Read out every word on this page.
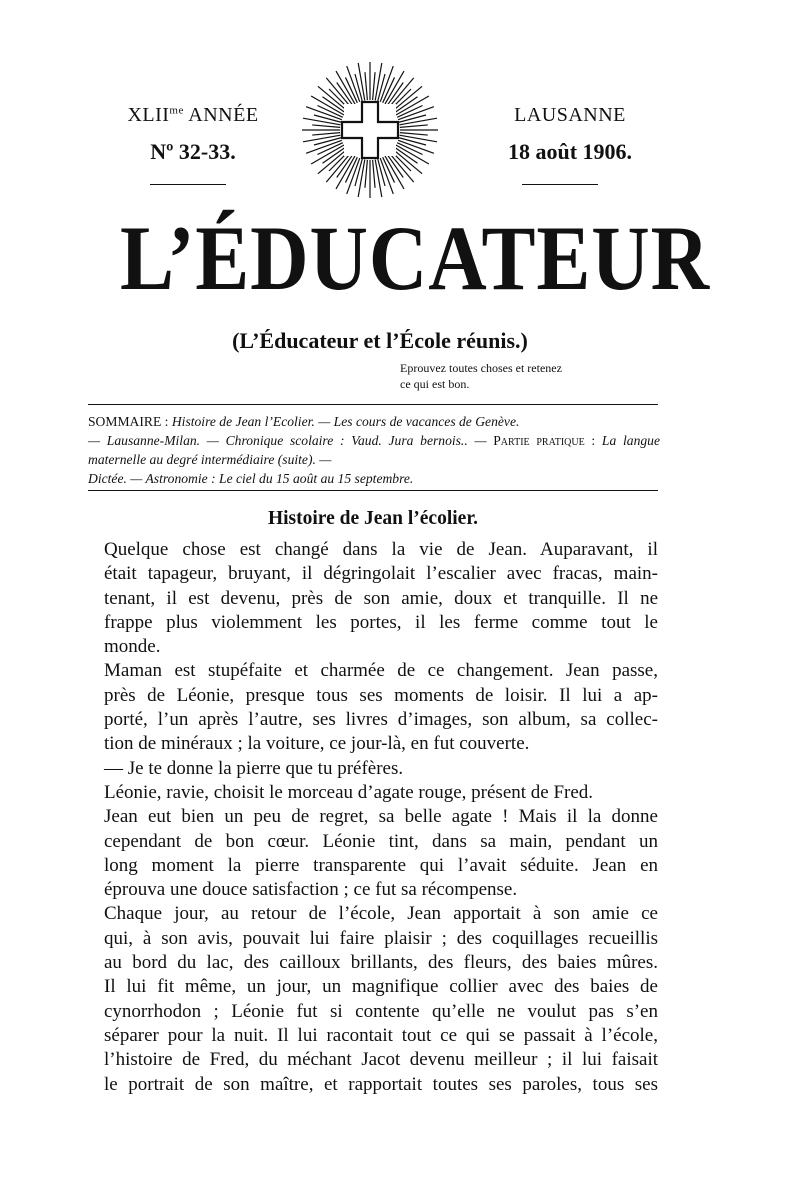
$XLII^{me}$ ANNÉE
Nº 32-33.
LAUSANNE
18 août 1906.
L’ÉDUCATEUR
(L’Éducateur et l’École réunis.)
Eprouvez toutes choses et retenez
ce qui est bon.
SOMMAIRE : Histoire de Jean l’Ecolier. — Les cours de vacances de Genève.
— Lausanne-Milan. — Chronique scolaire : Vaud. Jura bernois.. — Partie pratique : La langue maternelle au degré intermédiaire (suite). —
Dictée. — Astronomie : Le ciel du 15 août au 15 septembre.
Histoire de Jean l’écolier.
Quelque chose est changé dans la vie de Jean. Auparavant, il
était tapageur, bruyant, il dégringolait l’escalier avec fracas, main-
tenant, il est devenu, près de son amie, doux et tranquille. Il ne
frappe plus violemment les portes, il les ferme comme tout le
monde.
Maman est stupéfaite et charmée de ce changement. Jean passe,
près de Léonie, presque tous ses moments de loisir. Il lui a ap-
porté, l’un après l’autre, ses livres d’images, son album, sa collec-
tion de minéraux ; la voiture, ce jour-là, en fut couverte.
— Je te donne la pierre que tu préfères.
Léonie, ravie, choisit le morceau d’agate rouge, présent de Fred.
Jean eut bien un peu de regret, sa belle agate ! Mais il la donne
cependant de bon cœur. Léonie tint, dans sa main, pendant un
long moment la pierre transparente qui l’avait séduite. Jean en
éprouva une douce satisfaction ; ce fut sa récompense.
Chaque jour, au retour de l’école, Jean apportait à son amie ce
qui, à son avis, pouvait lui faire plaisir ; des coquillages recueillis
au bord du lac, des cailloux brillants, des fleurs, des baies mûres.
Il lui fit même, un jour, un magnifique collier avec des baies de
cynorrhodon ; Léonie fut si contente qu’elle ne voulut pas s’en
séparer pour la nuit. Il lui racontait tout ce qui se passait à l’école,
l’histoire de Fred, du méchant Jacot devenu meilleur ; il lui faisait
le portrait de son maître, et rapportait toutes ses paroles, tous ses
